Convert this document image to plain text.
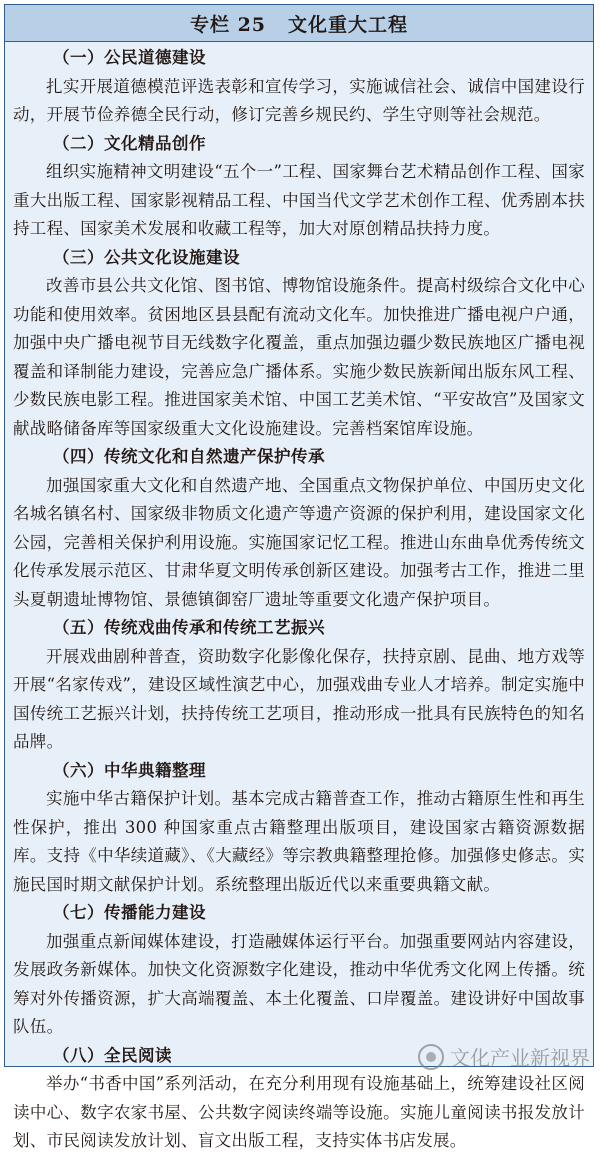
专栏 25 文化重大工程
（一）公民道德建设

扎实开展道德模范评选表彰和宣传学习，实施诚信社会、诚信中国建设行动，开展节俭养德全民行动，修订完善乡规民约、学生守则等社会规范。

（二）文化精品创作

组织实施精神文明建设“五个一”工程、国家舞台艺术精品创作工程、国家重大出版工程、国家影视精品工程、中国当代文学艺术创作工程、优秀剧本扶持工程、国家美术发展和收藏工程等，加大对原创精品扶持力度。

（三）公共文化设施建设

改善市县公共文化馆、图书馆、博物馆设施条件。提高村级综合文化中心功能和使用效率。贫困地区县县配有流动文化车。加快推进广播电视户户通，加强中央广播电视节目无线数字化覆盖，重点加强边疆少数民族地区广播电视覆盖和译制能力建设，完善应急广播体系。实施少数民族新闻出版东风工程、少数民族电影工程。推进国家美术馆、中国工艺美术馆、“平安故宫”及国家文献战略储备库等国家级重大文化设施建设。完善档案馆库设施。

（四）传统文化和自然遗产保护传承

加强国家重大文化和自然遗产地、全国重点文物保护单位、中国历史文化名城名镇名村、国家级非物质文化遗产等遗产资源的保护利用，建设国家文化公园，完善相关保护利用设施。实施国家记忆工程。推进山东曲阜优秀传统文化传承发展示范区、甘肃华夏文明传承创新区建设。加强考古工作，推进二里头夏朝遗址博物馆、景德镇御窑厂遗址等重要文化遗产保护项目。

（五）传统戏曲传承和传统工艺振兴

开展戏曲剧种普查，资助数字化影像化保存，扶持京剧、昆曲、地方戏等开展“名家传戏”，建设区域性演艺中心，加强戏曲专业人才培养。制定实施中国传统工艺振兴计划，扶持传统工艺项目，推动形成一批具有民族特色的知名品牌。

（六）中华典籍整理

实施中华古籍保护计划。基本完成古籍普查工作，推动古籍原生性和再生性保护，推出 300 种国家重点古籍整理出版项目，建设国家古籍资源数据库。支持《中华续道藏》、《大藏经》等宗教典籍整理抢修。加强修史修志。实施民国时期文献保护计划。系统整理出版近代以来重要典籍文献。

（七）传播能力建设

加强重点新闻媒体建设，打造融媒体运行平台。加强重要网站内容建设，发展政务新媒体。加快文化资源数字化建设，推动中华优秀文化网上传播。统筹对外传播资源，扩大高端覆盖、本土化覆盖、口岸覆盖。建设讲好中国故事队伍。

（八）全民阅读

举办“书香中国”系列活动，在充分利用现有设施基础上，统筹建设社区阅读中心、数字农家书屋、公共数字阅读终端等设施。实施儿童阅读书报发放计划、市民阅读发放计划、盲文出版工程，支持实体书店发展。

文化产业新视界
